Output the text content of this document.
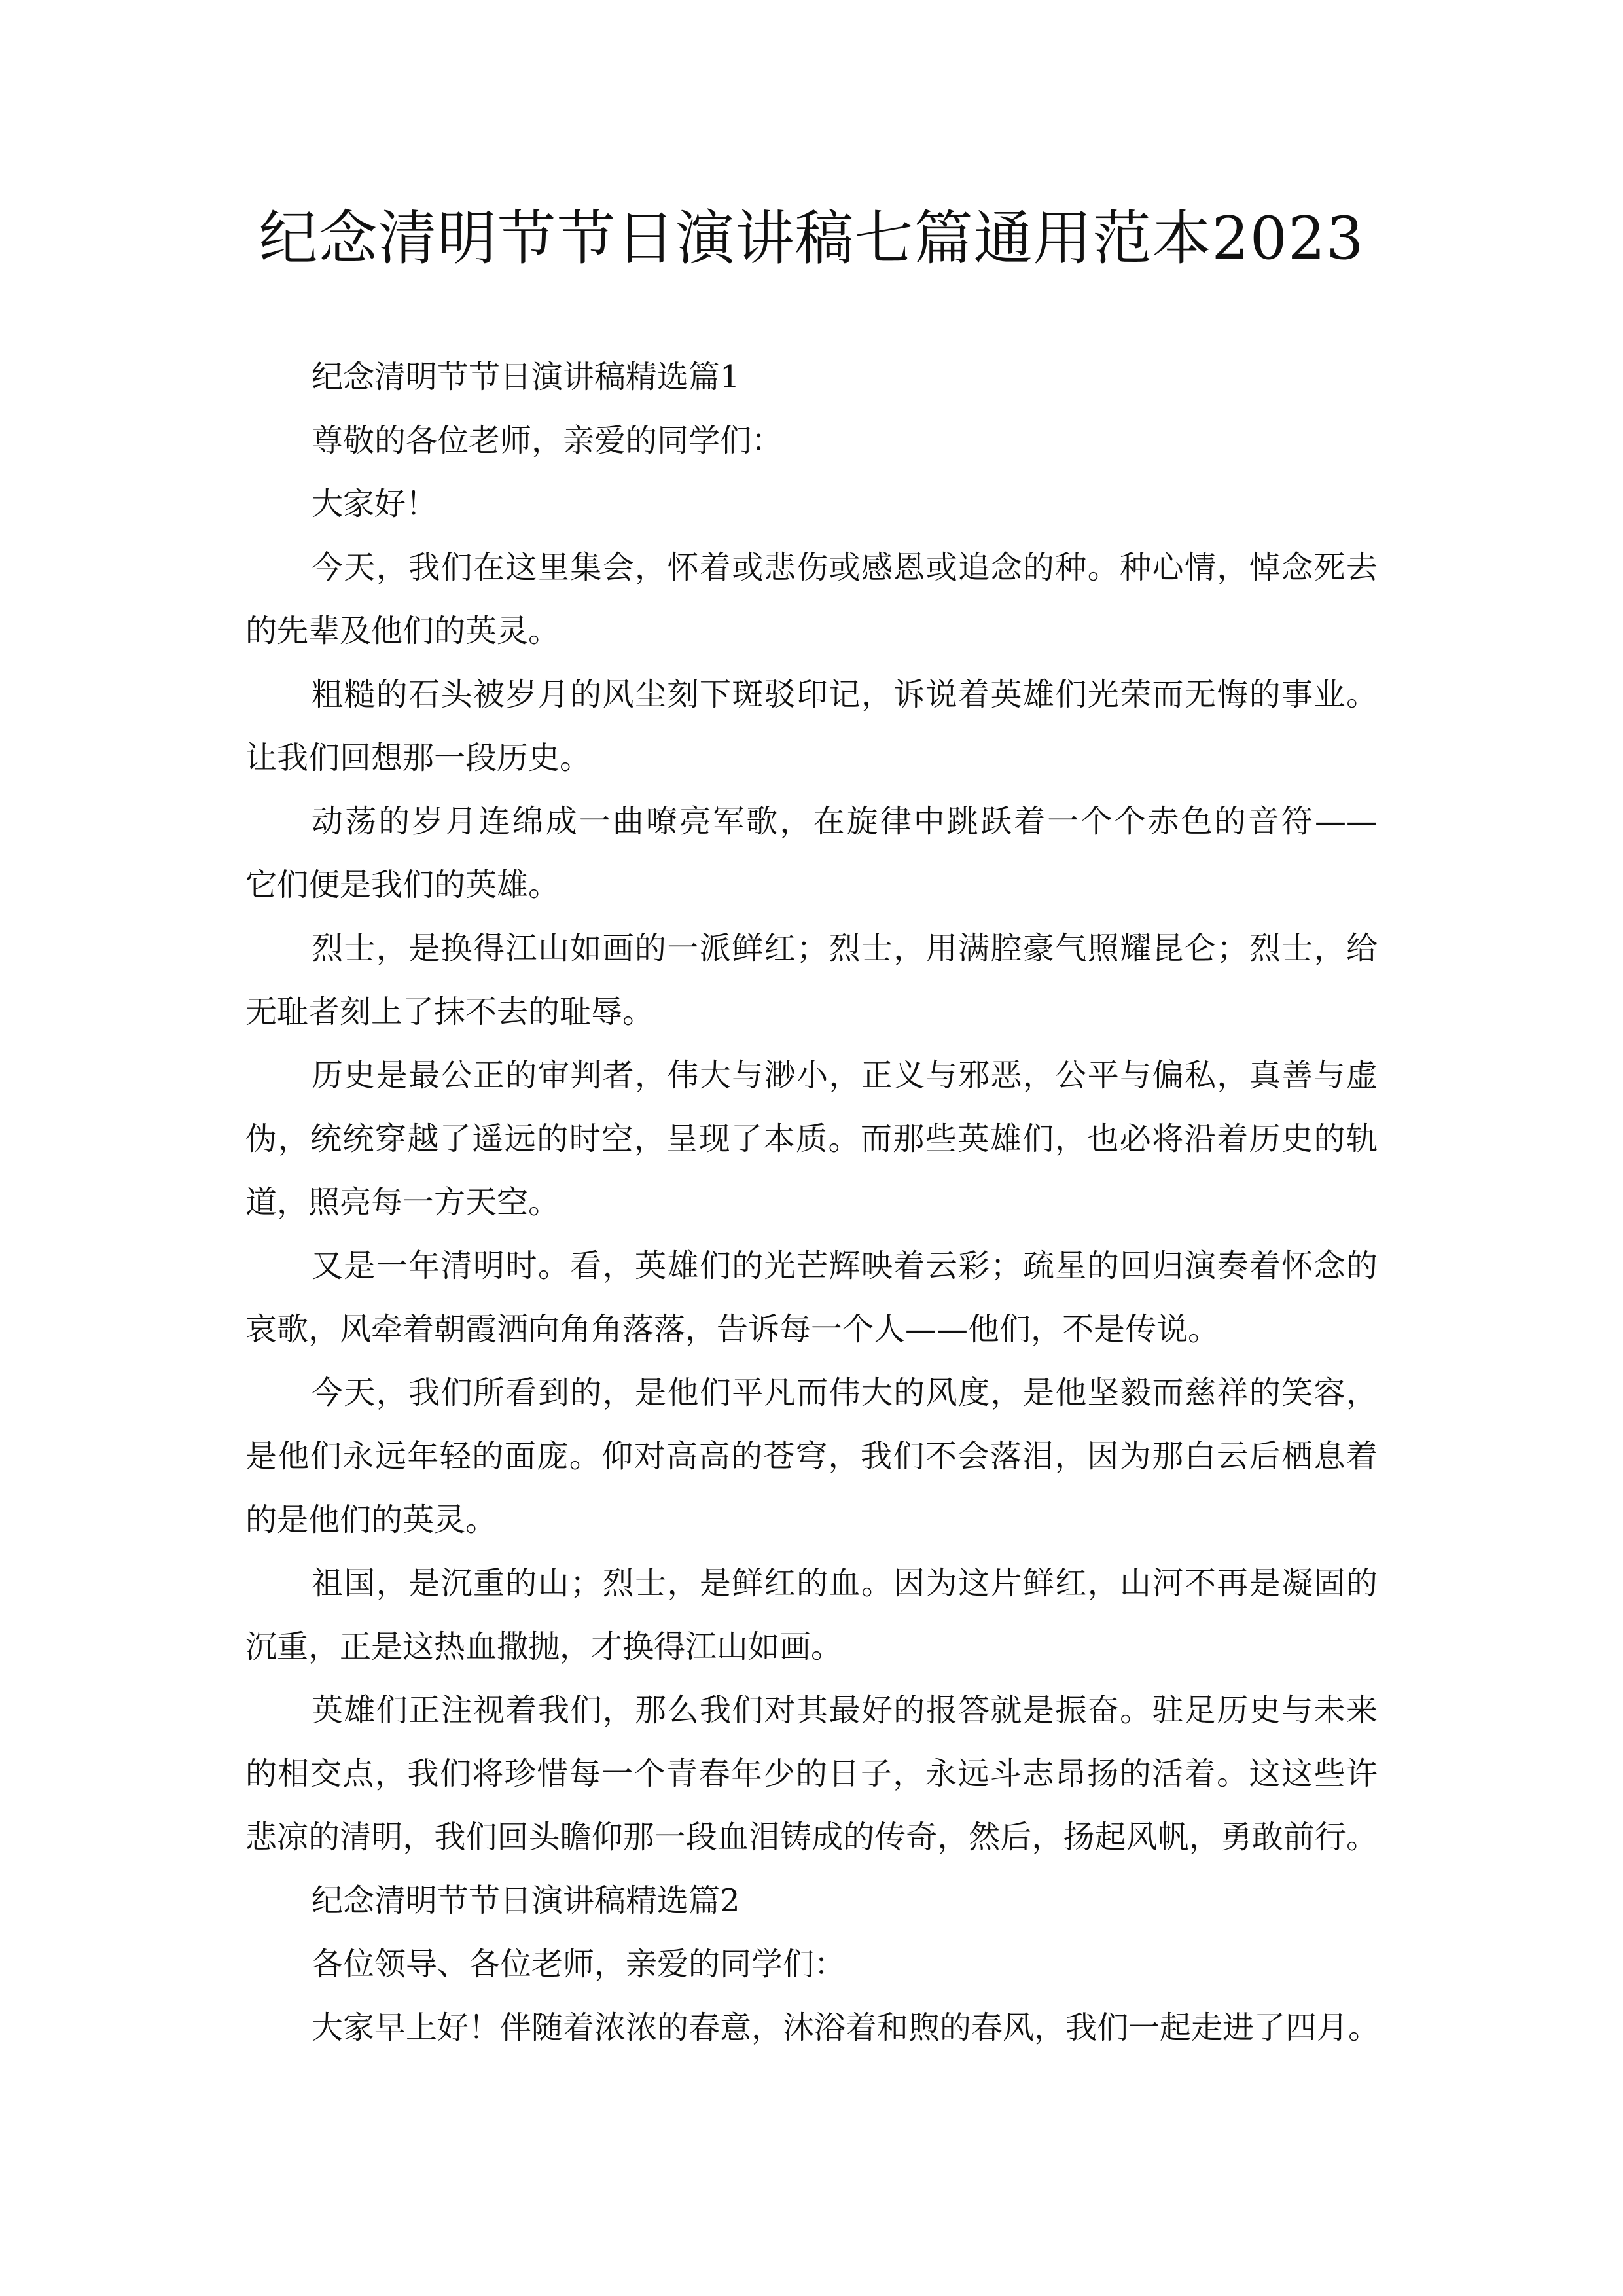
纪念清明节节日演讲稿七篇通用范本2023
纪念清明节节日演讲稿精选篇1
尊敬的各位老师，亲爱的同学们：
大家好！
今天，我们在这里集会，怀着或悲伤或感恩或追念的种。种心情，悼念死去
的先辈及他们的英灵。
粗糙的石头被岁月的风尘刻下斑驳印记，诉说着英雄们光荣而无悔的事业。
让我们回想那一段历史。
动荡的岁月连绵成一曲嘹亮军歌，在旋律中跳跃着一个个赤色的音符——
它们便是我们的英雄。
烈士，是换得江山如画的一派鲜红；烈士，用满腔豪气照耀昆仑；烈士，给
无耻者刻上了抹不去的耻辱。
历史是最公正的审判者，伟大与渺小，正义与邪恶，公平与偏私，真善与虚
伪，统统穿越了遥远的时空，呈现了本质。而那些英雄们，也必将沿着历史的轨
道，照亮每一方天空。
又是一年清明时。看，英雄们的光芒辉映着云彩；疏星的回归演奏着怀念的
哀歌，风牵着朝霞洒向角角落落，告诉每一个人——他们，不是传说。
今天，我们所看到的，是他们平凡而伟大的风度，是他坚毅而慈祥的笑容，
是他们永远年轻的面庞。仰对高高的苍穹，我们不会落泪，因为那白云后栖息着
的是他们的英灵。
祖国，是沉重的山；烈士，是鲜红的血。因为这片鲜红，山河不再是凝固的
沉重，正是这热血撒抛，才换得江山如画。
英雄们正注视着我们，那么我们对其最好的报答就是振奋。驻足历史与未来
的相交点，我们将珍惜每一个青春年少的日子，永远斗志昂扬的活着。这这些许
悲凉的清明，我们回头瞻仰那一段血泪铸成的传奇，然后，扬起风帆，勇敢前行。
纪念清明节节日演讲稿精选篇2
各位领导、各位老师，亲爱的同学们：
大家早上好！伴随着浓浓的春意，沐浴着和煦的春风，我们一起走进了四月。
